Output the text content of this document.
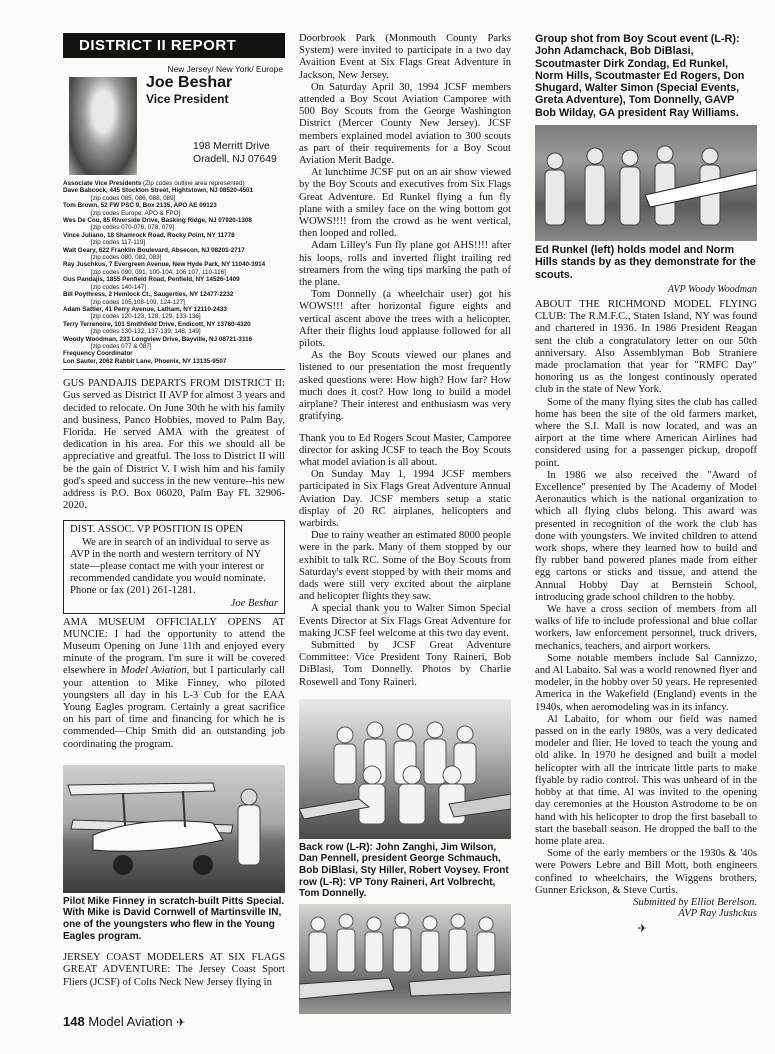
DISTRICT II REPORT
New Jersey/ New York/ Europe
Joe Beshar
Vice President
198 Merritt Drive
Oradell, NJ 07649
Associate Vice Presidents (Zip codes outline area represented)
Dave Babcock, 445 Stockton Street, Hightstown, NJ 08520-4501
[zip codes 085, 086, 088, 089]
Tom Brown, 52 FW PSC 9, Box 2135, APO AE 09123
[zip codes Europe: APO & FPO]
Wes De Cou, 85 Riverside Drive, Basking Ridge, NJ 07920-1308
[zip codes 070-076, 078, 079]
Vince Juliano, 18 Shamrock Road, Rocky Point, NY 11778
[zip codes 117-119]
Walt Geary, 622 Franklin Boulevard, Absecon, NJ 08201-2717
[zip codes 080, 082, 083]
Ray Juschkus, 7 Evergreen Avenue, New Hyde Park, NY 11040-3914
[zip codes 090, 091, 100-104, 106 107, 110-116]
Gus Pandajis, 1855 Penfield Road, Penfield, NY 14526-1409
[zip codes 140-147]
Bill Poythress, 2 Hemlock Ct., Saugerties, NY 12477-2232
[zip codes 105,108-109, 124-127]
Adam Sattler, 41 Perry Avenue, Latham, NY 12110-2433
[zip codes 120-123, 128, 129, 133-136]
Terry Terrenoire, 101 Smithfield Drive, Endicott, NY 13760-4320
[zip codes 130-132, 137-139, 148, 149]
Woody Woodman, 233 Longview Drive, Bayville, NJ 08721-3116
[zip codes 077 & 087]
Frequency Coordinator
Lon Sauter, 2062 Rabbit Lane, Phoenix, NY 13135-9507

GUS PANDAJIS DEPARTS FROM DISTRICT II: Gus served as District II AVP for almost 3 years and decided to relocate. On June 30th he with his family and business, Panco Hobbies, moved to Palm Bay, Florida. He served AMA with the greatest of dedication in his area. For this we should all be appreciative and greatful. The loss to District II will be the gain of District V. I wish him and his family god's speed and success in the new venture--his new address is P.O. Box 06020, Palm Bay FL 32906-2020.

DIST. ASSOC. VP POSITION IS OPEN

We are in search of an individual to serve as AVP in the north and western territory of NY state—please contact me with your interest or recommended candidate you would nominate. Phone or fax (201) 261-1281.

Joe Beshar

AMA MUSEUM OFFICIALLY OPENS AT MUNCIE: I had the opportunity to attend the Museum Opening on June 11th and enjoyed every minute of the program. I'm sure it will be covered elsewhere in Model Aviation, but I particularly call your attention to Mike Finney, who piloted youngsters all day in his L-3 Cub for the EAA Young Eagles program. Certainly a great sacrifice on his part of time and financing for which he is commended—Chip Smith did an outstanding job coordinating the program.

Pilot Mike Finney in scratch-built Pitts Special. With Mike is David Cornwell of Martinsville IN, one of the youngsters who flew in the Young Eagles program.

JERSEY COAST MODELERS AT SIX FLAGS GREAT ADVENTURE: The Jersey Coast Sport Fliers (JCSF) of Colts Neck New Jersey flying in

Doorbrook Park (Monmouth County Parks System) were invited to participate in a two day Avaition Event at Six Flags Great Adventure in Jackson, New Jersey.

On Saturday April 30, 1994 JCSF members attended a Boy Scout Aviation Camporee with 500 Boy Scouts from the George Washington District (Mercer County New Jersey). JCSF members explained model aviation to 300 scouts as part of their requirements for a Boy Scout Aviation Merit Badge.

At lunchtime JCSF put on an air show viewed by the Boy Scouts and executives from Six Flags Great Adventure. Ed Runkel flying a fun fly plane with a smiley face on the wing bottom got WOWS!!!! from the crowd as he went vertical, then looped and rolled.

Adam Lilley's Fun fly plane got AHS!!!! after his loops, rolls and inverted flight trailing red streamers from the wing tips marking the path of the plane.

Tom Donnelly (a wheelchair user) got his WOWS!!! after horizontal figure eights and vertical ascent above the trees with a helicopter. After their flights loud applause followed for all pilots.

As the Boy Scouts viewed our planes and listened to our presentation the most frequently asked questions were: How high? How far? How much does it cost? How long to build a model airplane? Their interest and enthusiasm was very gratifying.

Thank you to Ed Rogers Scout Master, Camporee director for asking JCSF to teach the Boy Scouts what model aviation is all about.

On Sunday May 1, 1994 JCSF members participated in Six Flags Great Adventure Annual Aviation Day. JCSF members setup a static display of 20 RC airplanes, helicopters and warbirds.

Due to rainy weather an estimated 8000 people were in the park. Many of them stopped by our exhibit to talk RC. Some of the Boy Scouts from Saturday's event stopped by with their moms and dads were still very excited about the airplane and helicopter flights they saw.

A special thank you to Walter Simon Special Events Director at Six Flags Great Adventure for making JCSF feel welcome at this two day event.

Submitted by JCSF Great Adventure Committee: Vice President Tony Raineri, Bob DiBlasi, Tom Donnelly. Photos by Charlie Rosewell and Tony Raineri.

Back row (L-R): John Zanghi, Jim Wilson, Dan Pennell, president George Schmauch, Bob DiBlasi, Sty Hiller, Robert Voysey. Front row (L-R): VP Tony Raineri, Art Volbrecht, Tom Donnelly.
Group shot from Boy Scout event (L-R): John Adamchack, Bob DiBlasi, Scoutmaster Dirk Zondag, Ed Runkel, Norm Hills, Scoutmaster Ed Rogers, Don Shugard, Walter Simon (Special Events, Greta Adventure), Tom Donnelly, GAVP Bob Wilday, GA president Ray Williams.
Ed Runkel (left) holds model and Norm Hills stands by as they demonstrate for the scouts.
AVP Woody Woodman

ABOUT THE RICHMOND MODEL FLYING CLUB: The R.M.F.C., Staten Island, NY was found and chartered in 1936. In 1986 President Reagan sent the club a congratulatory letter on our 50th anniversary. Also Assemblyman Bob Straniere made proclamation that year for "RMFC Day" honoring us as the longest continously operated club in the state of New York.

Some of the many flying sites the club has called home has been the site of the old farmers market, where the S.I. Mall is now located, and was an airport at the time where American Airlines had considered using for a passenger pickup, dropoff point.

In 1986 we also received the "Award of Excellence" presented by The Academy of Model Aeronautics which is the national organization to which all flying clubs belong. This award was presented in recognition of the work the club has done with youngsters. We invited children to attend work shops, where they learned how to build and fly rubber band powered planes made from either egg cartons or sticks and tissue, and attend the Annual Hobby Day at Bernstein School, introducing grade school children to the hobby.

We have a cross section of members from all walks of life to include professional and blue collar workers, law enforcement personnel, truck drivers, mechanics, teachers, and airport workers.

Some notable members include Sal Cannizzo, and Al Labaito. Sal was a world renowned flyer and modeler, in the hobby over 50 years. He represented America in the Wakefield (England) events in the 1940s, when aeromodeling was in its infancy.

Al Labaito, for whom our field was named passed on in the early 1980s, was a very dedicated modeler and flier. He loved to teach the young and old alike. In 1970 he designed and built a model helicopter with all the intricate little parts to make flyable by radio control. This was unheard of in the hobby at that time. Al was invited to the opening day ceremonies at the Houston Astrodome to be on hand with his helicopter to drop the first baseball to start the baseball season. He dropped the ball to the home plate area.

Some of the early members or the 1930s & '40s were Powers Lebre and Bill Mott, both engineers confined to wheelchairs, the Wiggens brothers, Gunner Erickson, & Steve Curtis.

Submitted by Elliot Berelson.
AVP Ray Jushckus
✈
148 Model Aviation ✈
